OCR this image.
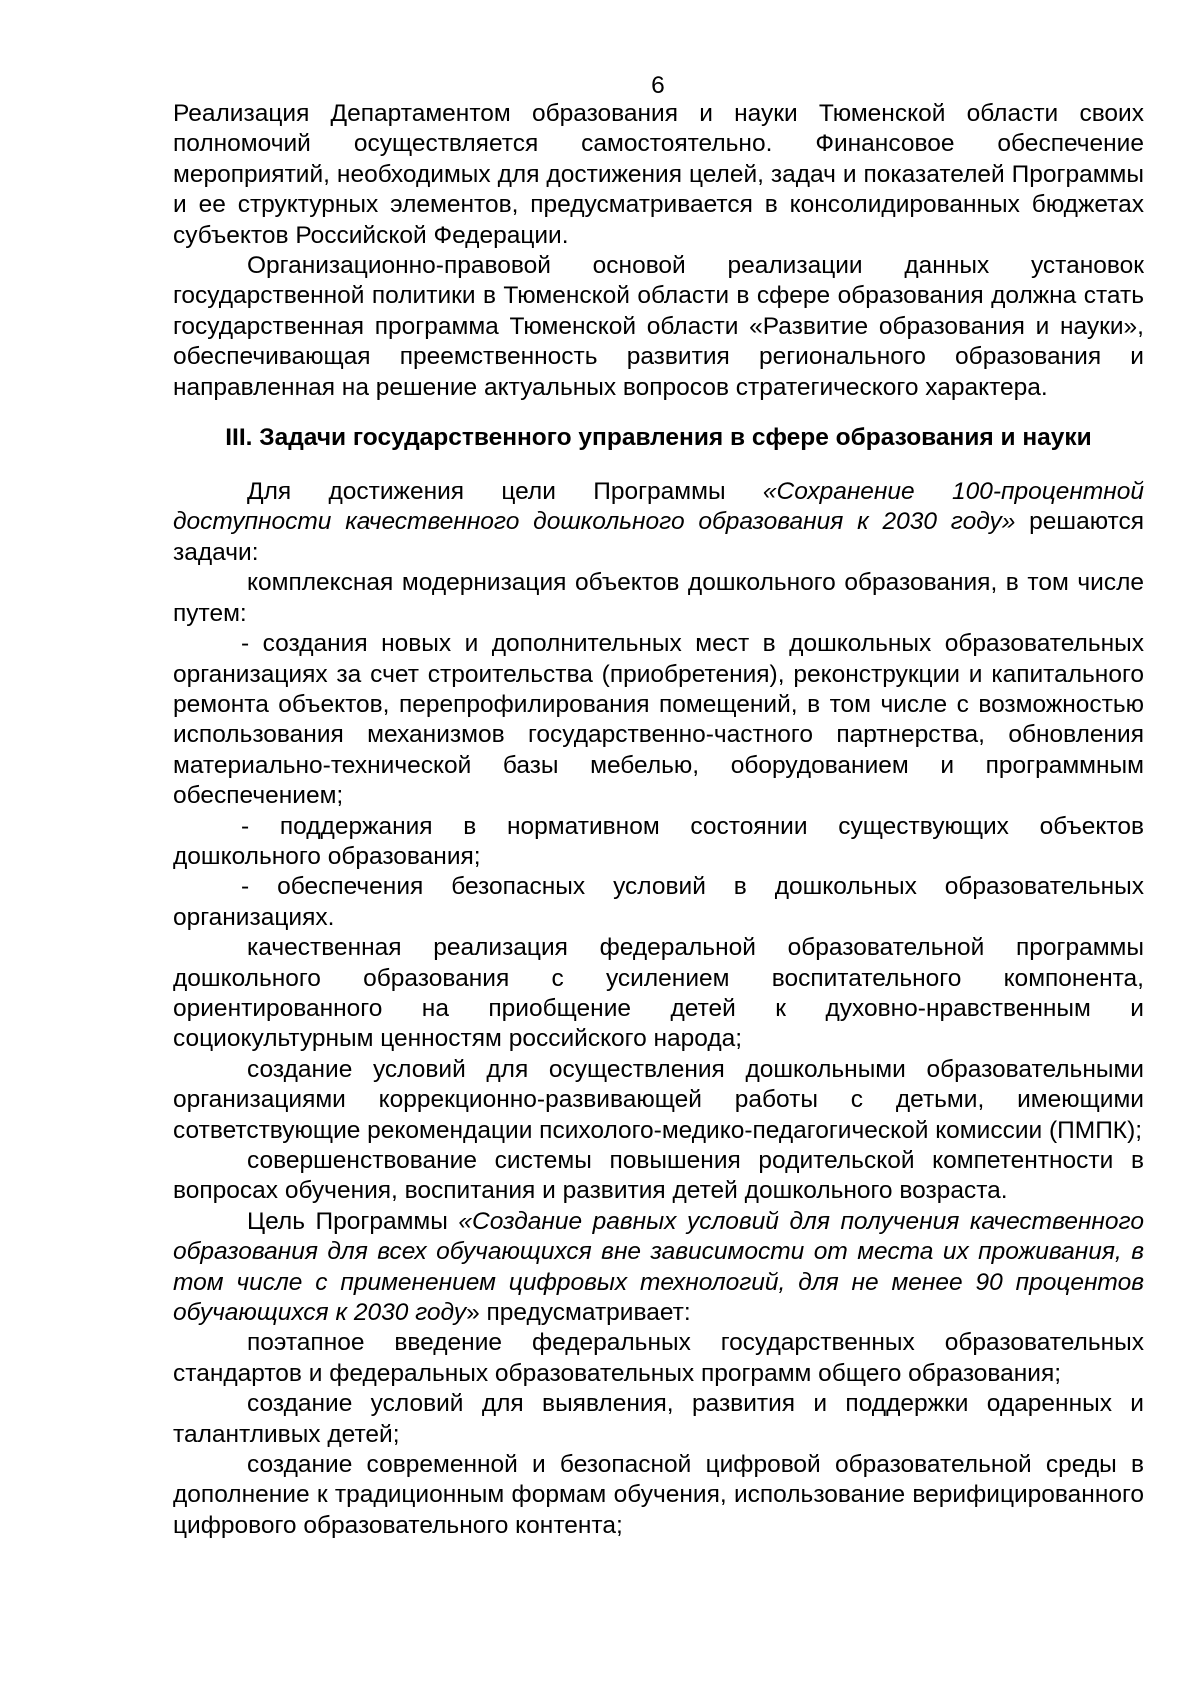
6

Реализация Департаментом образования и науки Тюменской области своих полномочий осуществляется самостоятельно. Финансовое обеспечение мероприятий, необходимых для достижения целей, задач и показателей Программы и ее структурных элементов, предусматривается в консолидированных бюджетах субъектов Российской Федерации.

Организационно-правовой основой реализации данных установок государственной политики в Тюменской области в сфере образования должна стать государственная программа Тюменской области «Развитие образования и науки», обеспечивающая преемственность развития регионального образования и направленная на решение актуальных вопросов стратегического характера.

III. Задачи государственного управления в сфере образования и науки

Для достижения цели Программы «Сохранение 100-процентной доступности качественного дошкольного образования к 2030 году» решаются задачи:

комплексная модернизация объектов дошкольного образования, в том числе путем:

- создания новых и дополнительных мест в дошкольных образовательных организациях за счет строительства (приобретения), реконструкции и капитального ремонта объектов, перепрофилирования помещений, в том числе с возможностью использования механизмов государственно-частного партнерства, обновления материально-технической базы мебелью, оборудованием и программным обеспечением;

- поддержания в нормативном состоянии существующих объектов дошкольного образования;

- обеспечения безопасных условий в дошкольных образовательных организациях.

качественная реализация федеральной образовательной программы дошкольного образования с усилением воспитательного компонента, ориентированного на приобщение детей к духовно-нравственным и социокультурным ценностям российского народа;

создание условий для осуществления дошкольными образовательными организациями коррекционно-развивающей работы с детьми, имеющими сответствующие рекомендации психолого-медико-педагогической комиссии (ПМПК);

совершенствование системы повышения родительской компетентности в вопросах обучения, воспитания и развития детей дошкольного возраста.

Цель Программы «Создание равных условий для получения качественного образования для всех обучающихся вне зависимости от места их проживания, в том числе с применением цифровых технологий, для не менее 90 процентов обучающихся к 2030 году» предусматривает:

поэтапное введение федеральных государственных образовательных стандартов и федеральных образовательных программ общего образования;

создание условий для выявления, развития и поддержки одаренных и талантливых детей;

создание современной и безопасной цифровой образовательной среды в дополнение к традиционным формам обучения, использование верифицированного цифрового образовательного контента;
